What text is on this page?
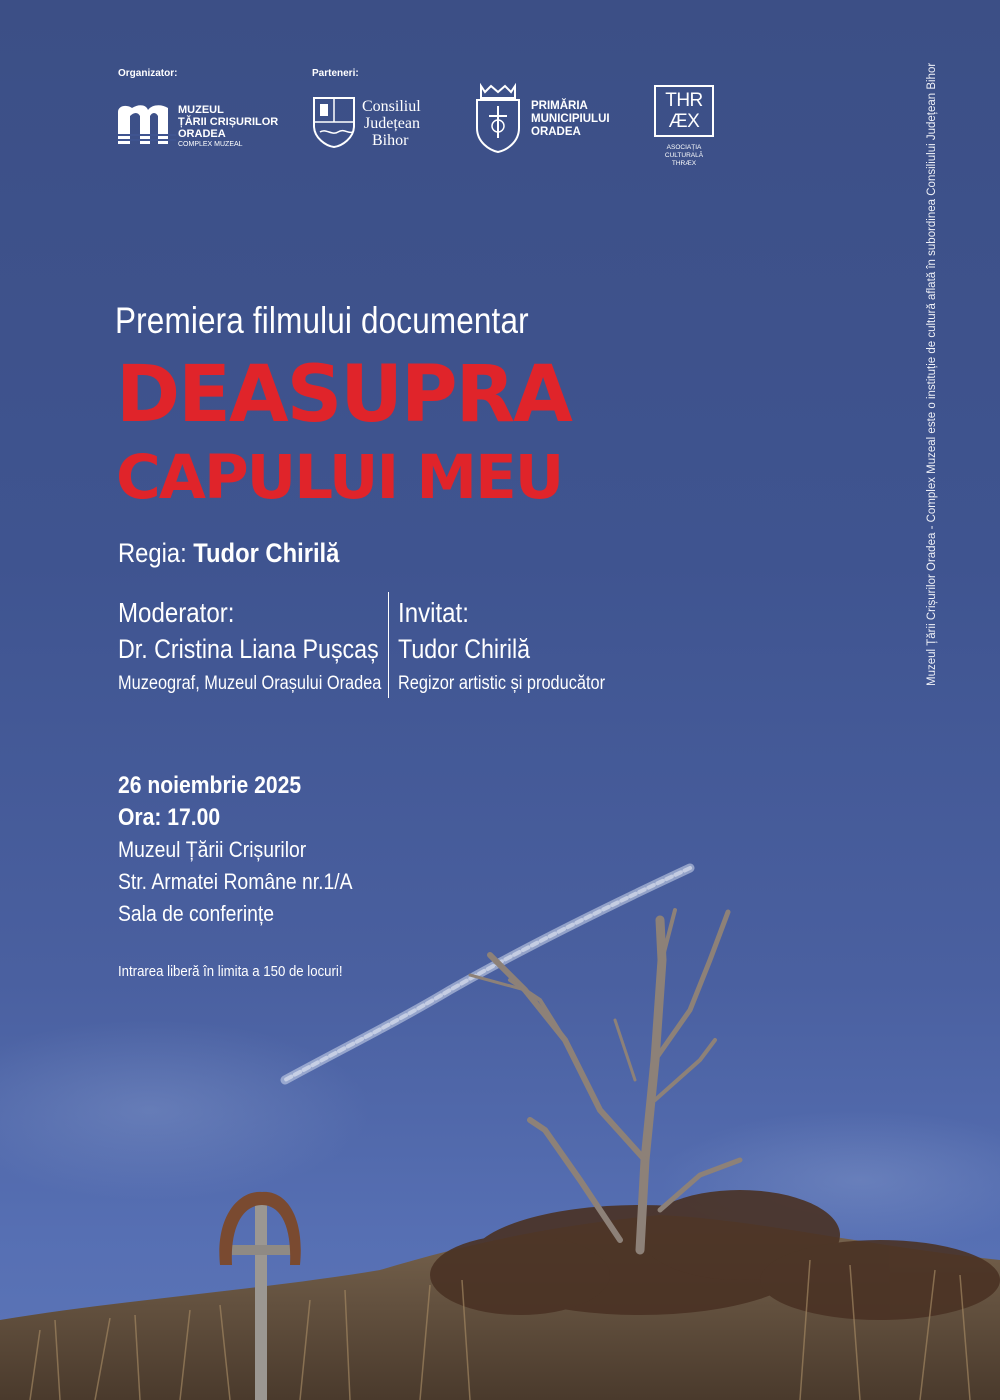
Organizator:	Parteneri:
MUZEUL
ȚĂRII CRIȘURILOR
ORADEA
COMPLEX MUZEAL
Consiliul
Județean
Bihor
PRIMĂRIA
MUNICIPIULUI
ORADEA
THR
ÆX
ASOCIAȚIA CULTURALĂ
THRÆX
Premiera filmului documentar
DEASUPRA
CAPULUI MEU
Regia: Tudor Chirilă
Moderator:
Dr. Cristina Liana Pușcaș
Muzeograf, Muzeul Orașului Oradea
Invitat:
Tudor Chirilă
Regizor artistic și producător
26 noiembrie 2025
Ora: 17.00
Muzeul Țării Crișurilor
Str. Armatei Române nr.1/A
Sala de conferințe
Intrarea liberă în limita a 150 de locuri!
Muzeul Țării Crișurilor Oradea - Complex Muzeal este o instituție de cultură aflată în subordinea Consiliului Județean Bihor
